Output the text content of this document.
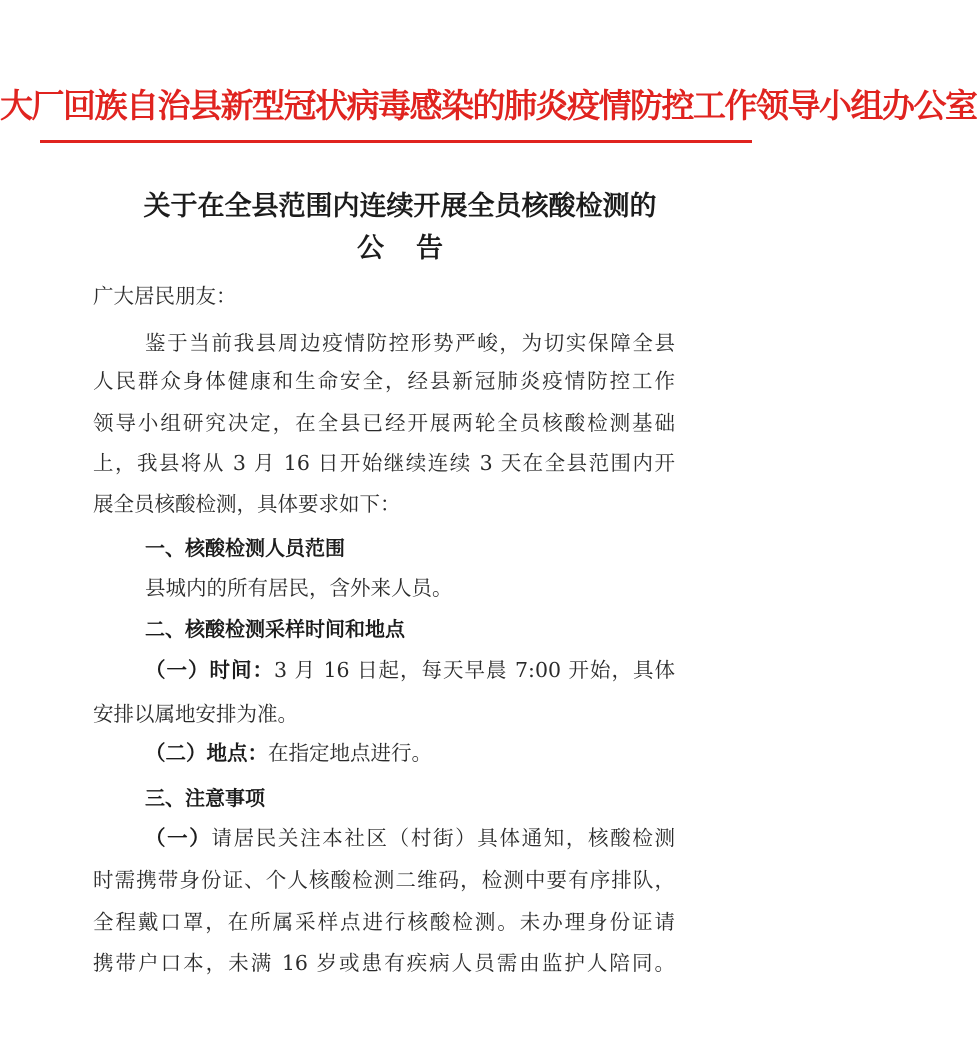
大厂回族自治县新型冠状病毒感染的肺炎疫情防控工作领导小组办公室
关于在全县范围内连续开展全员核酸检测的
公告
广大居民朋友：
鉴于当前我县周边疫情防控形势严峻，为切实保障全县
人民群众身体健康和生命安全，经县新冠肺炎疫情防控工作
领导小组研究决定，在全县已经开展两轮全员核酸检测基础
上，我县将从 3 月 16 日开始继续连续 3 天在全县范围内开
展全员核酸检测，具体要求如下：
一、核酸检测人员范围
县城内的所有居民，含外来人员。
二、核酸检测采样时间和地点
（一）时间：3 月 16 日起，每天早晨 7:00 开始，具体
安排以属地安排为准。
（二）地点：在指定地点进行。
三、注意事项
（一）请居民关注本社区（村街）具体通知，核酸检测
时需携带身份证、个人核酸检测二维码，检测中要有序排队，
全程戴口罩，在所属采样点进行核酸检测。未办理身份证请
携带户口本，未满 16 岁或患有疾病人员需由监护人陪同。
